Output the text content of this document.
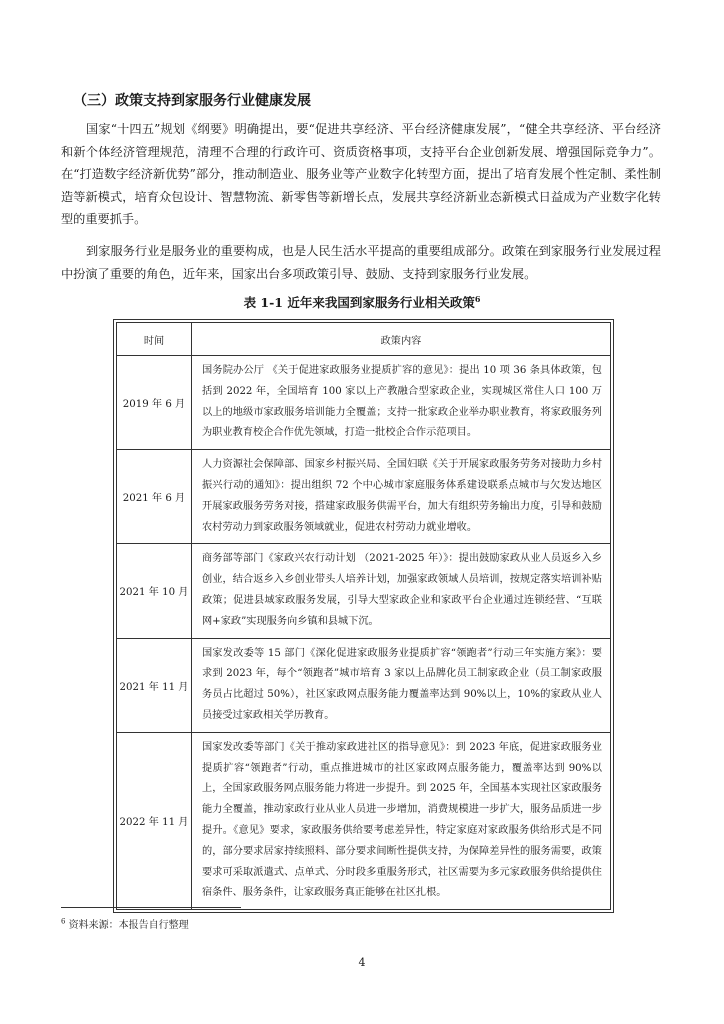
（三）政策支持到家服务行业健康发展

国家“十四五”规划《纲要》明确提出，要“促进共享经济、平台经济健康发展”，“健全共享经济、平台经济和新个体经济管理规范，清理不合理的行政许可、资质资格事项，支持平台企业创新发展、增强国际竞争力”。在“打造数字经济新优势”部分，推动制造业、服务业等产业数字化转型方面，提出了培育发展个性定制、柔性制造等新模式，培育众包设计、智慧物流、新零售等新增长点，发展共享经济新业态新模式日益成为产业数字化转型的重要抓手。

到家服务行业是服务业的重要构成，也是人民生活水平提高的重要组成部分。政策在到家服务行业发展过程中扮演了重要的角色，近年来，国家出台多项政策引导、鼓励、支持到家服务行业发展。

表 1-1 近年来我国到家服务行业相关政策$^6$
时间	政策内容
2019 年 6 月	国务院办公厅 《关于促进家政服务业提质扩容的意见》：提出 10 项 36 条具体政策，包括到 2022 年，全国培育 100 家以上产教融合型家政企业，实现城区常住人口 100 万以上的地级市家政服务培训能力全覆盖；支持一批家政企业举办职业教育，将家政服务列为职业教育校企合作优先领域，打造一批校企合作示范项目。
2021 年 6 月	人力资源社会保障部、国家乡村振兴局、全国妇联《关于开展家政服务劳务对接助力乡村振兴行动的通知》：提出组织 72 个中心城市家庭服务体系建设联系点城市与欠发达地区开展家政服务劳务对接，搭建家政服务供需平台，加大有组织劳务输出力度，引导和鼓励农村劳动力到家政服务领域就业，促进农村劳动力就业增收。
2021 年 10 月	商务部等部门《家政兴农行动计划 （2021-2025 年）》：提出鼓励家政从业人员返乡入乡创业，结合返乡入乡创业带头人培养计划，加强家政领域人员培训，按规定落实培训补贴政策；促进县域家政服务发展，引导大型家政企业和家政平台企业通过连锁经营、“互联网+家政”实现服务向乡镇和县城下沉。
2021 年 11 月	国家发改委等 15 部门《深化促进家政服务业提质扩容“领跑者”行动三年实施方案》：要求到 2023 年，每个“领跑者”城市培育 3 家以上品牌化员工制家政企业（员工制家政服务员占比超过 50%），社区家政网点服务能力覆盖率达到 90%以上，10%的家政从业人员接受过家政相关学历教育。
2022 年 11 月	国家发改委等部门《关于推动家政进社区的指导意见》：到 2023 年底，促进家政服务业提质扩容“领跑者”行动，重点推进城市的社区家政网点服务能力，覆盖率达到 90%以上，全国家政服务网点服务能力将进一步提升。到 2025 年，全国基本实现社区家政服务能力全覆盖，推动家政行业从业人员进一步增加，消费规模进一步扩大，服务品质进一步提升。《意见》要求，家政服务供给要考虑差异性，特定家庭对家政服务供给形式是不同的，部分要求居家持续照料、部分要求间断性提供支持，为保障差异性的服务需要，政策要求可采取派遣式、点单式、分时段多重服务形式，社区需要为多元家政服务供给提供住宿条件、服务条件，让家政服务真正能够在社区扎根。
$^6$ 资料来源：本报告自行整理
4
